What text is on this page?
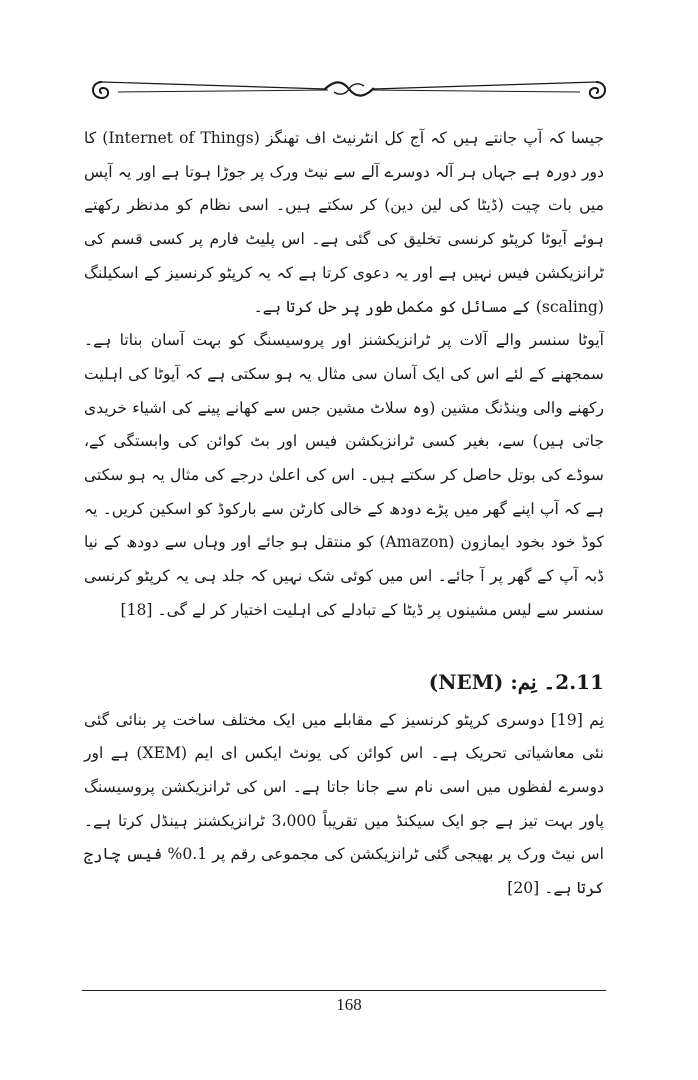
جیسا کہ آپ جانتے ہیں کہ آج کل انٹرنیٹ اف تھنگز (Internet of Things) کا دور دورہ ہے جہاں ہر آلہ دوسرے آلے سے نیٹ ورک پر جوڑا ہوتا ہے اور یہ آپس میں بات چیت (ڈیٹا کی لین دین) کر سکتے ہیں۔ اسی نظام کو مدنظر رکھتے ہوئے آیوٹا کرپٹو کرنسی تخلیق کی گئی ہے۔ اس پلیٹ فارم پر کسی قسم کی ٹرانزیکشن فیس نہیں ہے اور یہ دعوی کرتا ہے کہ یہ کرپٹو کرنسیز کے اسکیلنگ (scaling) کے مسائل کو مکمل طور پر حل کرتا ہے۔

آیوٹا سنسر والے آلات پر ٹرانزیکشنز اور پروسیسنگ کو بہت آسان بناتا ہے۔ سمجھنے کے لئے اس کی ایک آسان سی مثال یہ ہو سکتی ہے کہ آیوٹا کی اہلیت رکھنے والی وینڈنگ مشین (وہ سلاٹ مشین جس سے کھانے پینے کی اشیاء خریدی جاتی ہیں) سے، بغیر کسی ٹرانزیکشن فیس اور بٹ کوائن کی وابستگی کے، سوڈے کی بوتل حاصل کر سکتے ہیں۔ اس کی اعلیٰ درجے کی مثال یہ ہو سکتی ہے کہ آپ اپنے گھر میں پڑے دودھ کے خالی کارٹن سے بارکوڈ کو اسکین کریں۔ یہ کوڈ خود بخود ایمازون (Amazon) کو منتقل ہو جائے اور وہاں سے دودھ کے نیا ڈبہ آپ کے گھر پر آ جائے۔ اس میں کوئی شک نہیں کہ جلد ہی یہ کرپٹو کرنسی سنسر سے لیس مشینوں پر ڈیٹا کے تبادلے کی اہلیت اختیار کر لے گی۔ [18]

2.11۔ نِم: (NEM)

نِم [19] دوسری کرپٹو کرنسیز کے مقابلے میں ایک مختلف ساخت پر بنائی گئی نئی معاشیاتی تحریک ہے۔ اس کوائن کی یونٹ ایکس ای ایم (XEM) ہے اور دوسرے لفظوں میں اسی نام سے جانا جاتا ہے۔ اس کی ٹرانزیکشن پروسیسنگ پاور بہت تیز ہے جو ایک سیکنڈ میں تقریباً 3،000 ٹرانزیکشنز ہینڈل کرتا ہے۔ اس نیٹ ورک پر بھیجی گئی ٹرانزیکشن کی مجموعی رقم پر 0.1% فیس چارج کرتا ہے۔ [20]

168
